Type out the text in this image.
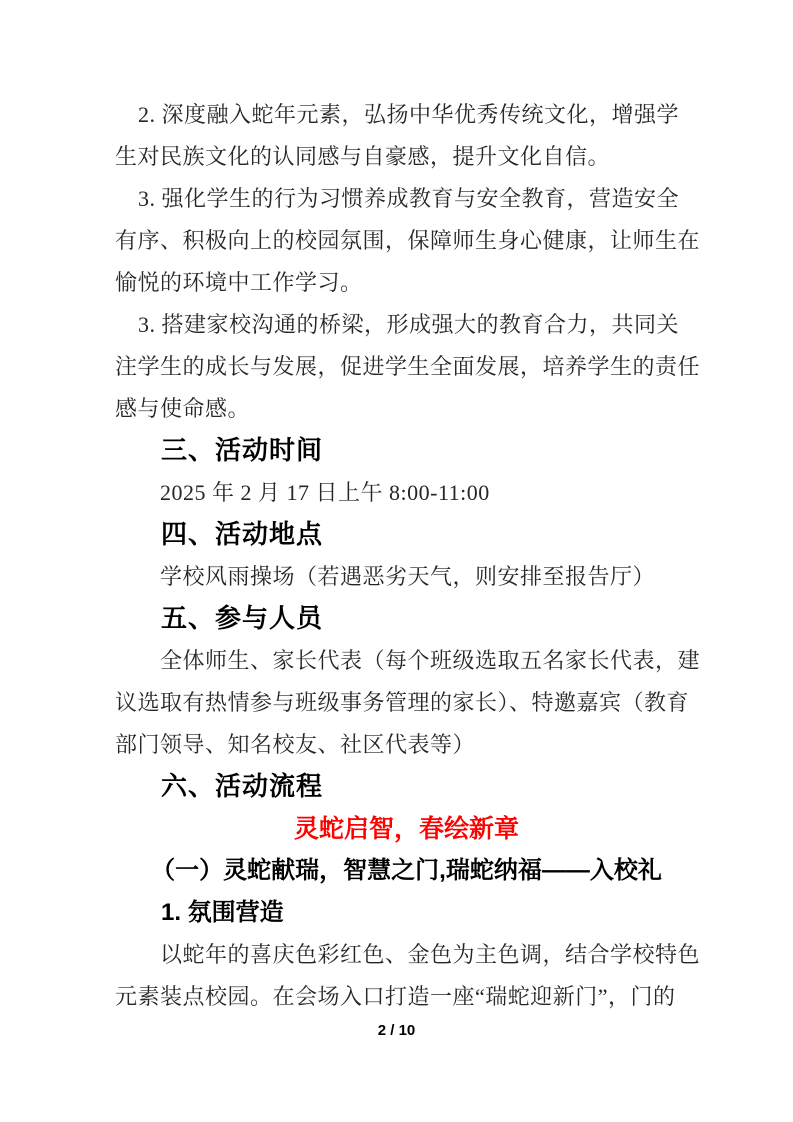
2. 深度融入蛇年元素，弘扬中华优秀传统文化，增强学

生对民族文化的认同感与自豪感，提升文化自信。

3. 强化学生的行为习惯养成教育与安全教育，营造安全

有序、积极向上的校园氛围，保障师生身心健康，让师生在

愉悦的环境中工作学习。

3. 搭建家校沟通的桥梁，形成强大的教育合力，共同关

注学生的成长与发展，促进学生全面发展，培养学生的责任

感与使命感。

三、活动时间

2025 年 2 月 17 日上午 8:00-11:00

四、活动地点

学校风雨操场（若遇恶劣天气，则安排至报告厅）

五、参与人员

全体师生、家长代表（每个班级选取五名家长代表，建

议选取有热情参与班级事务管理的家长）、特邀嘉宾（教育

部门领导、知名校友、社区代表等）

六、活动流程

灵蛇启智，春绘新章

（一）灵蛇献瑞，智慧之门,瑞蛇纳福——入校礼

1. 氛围营造

以蛇年的喜庆色彩红色、金色为主色调，结合学校特色

元素装点校园。在会场入口打造一座“瑞蛇迎新门”，门的

2 / 10
